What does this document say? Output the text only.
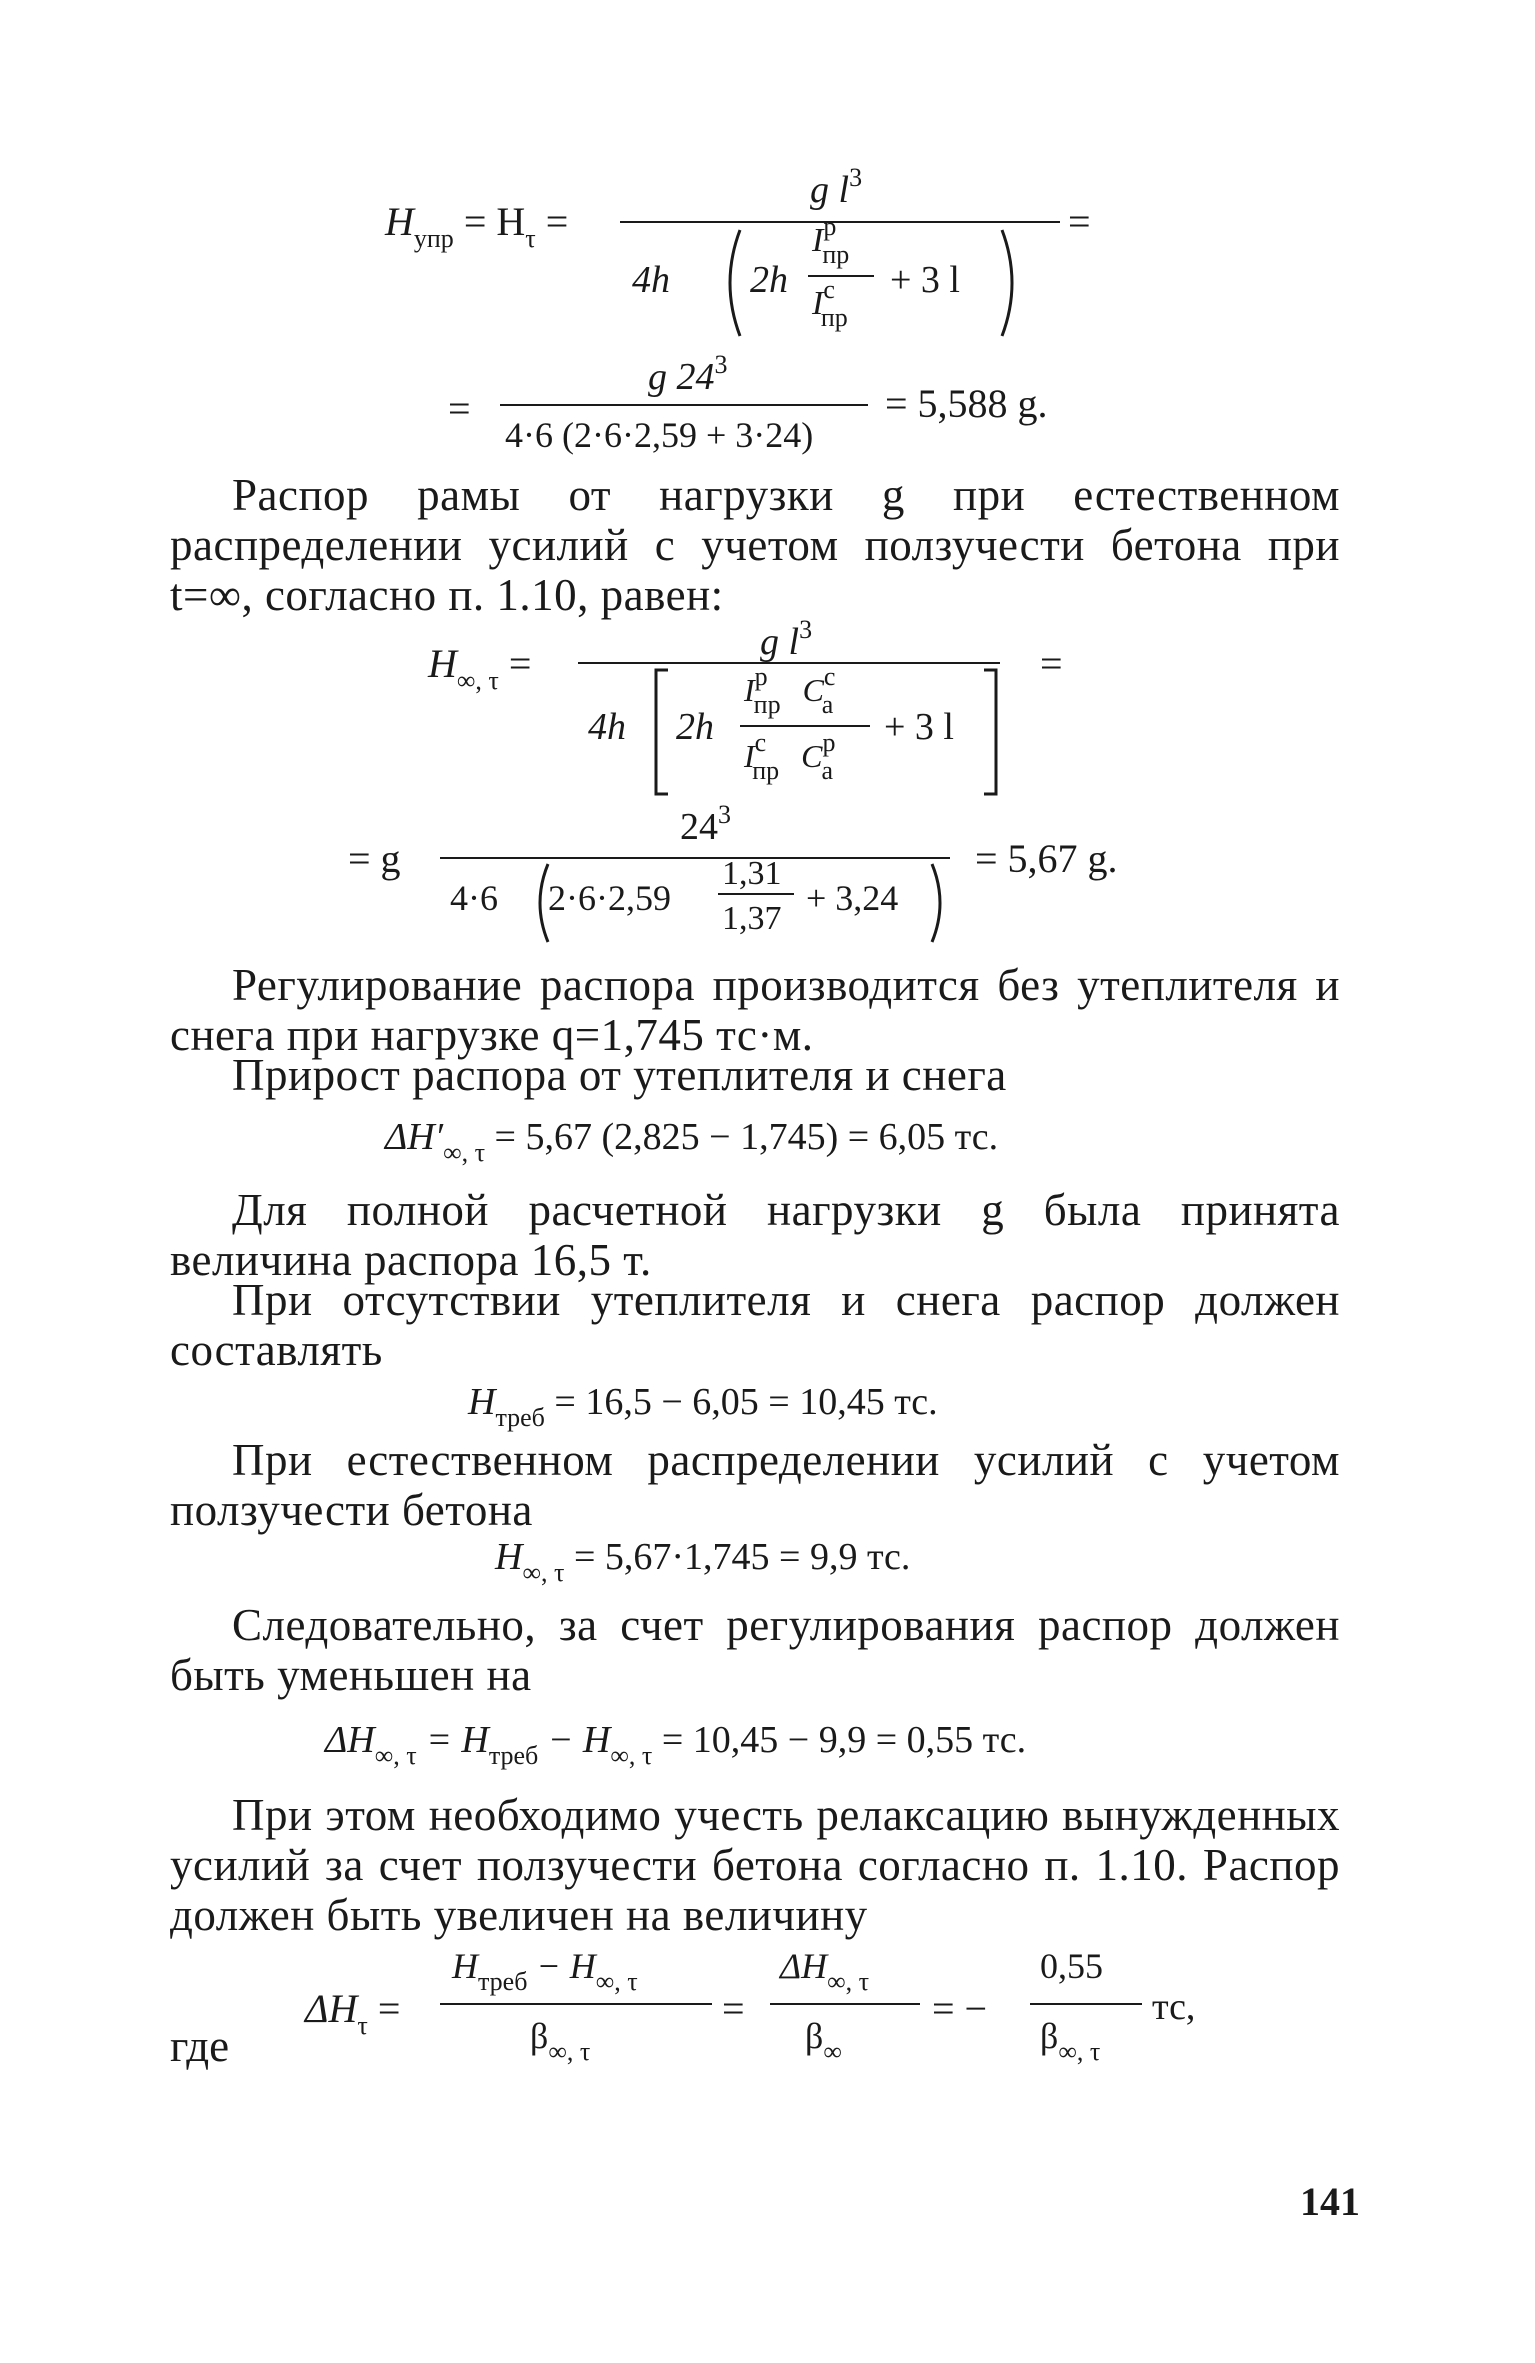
$H_{упр} = H_\tau$ =
g $l^3$
4h 2h
$I^р_{пр}$
$I^с_{пр}$
+ 3 l
=
=
g $24^3$
4·6 (2·6·2,59 + 3·24)
= 5,588 g.
Распор рамы от нагрузки g при естественном распределении усилий с учетом ползучести бетона при t=∞, согласно п. 1.10, равен:
$H_{\infty, \tau}$ =	g $l^3$
4h 2h
$I^р_{пр}$ $C^с_а$
$I^с_{пр}$ $C^р_а$
+ 3 l
=
= g
$24^3$
4·6 2·6·2,59
1,31
1,37
+ 3,24
= 5,67 g.
Регулирование распора производится без утеплителя и снега при нагрузке q=1,745 тс·м.
Прирост распора от утеплителя и снега
$\Delta H'_{\infty, \tau} = 5,67$ (2,825 − 1,745) = 6,05 тс.
Для полной расчетной нагрузки g была принята величина распора 16,5 т.
При отсутствии утеплителя и снега распор должен составлять
$H_{треб} = 16,5 - 6,05 = 10,45$ тс.
При естественном распределении усилий с учетом ползучести бетона
$H_{\infty, \tau} = 5,67\cdot 1,745 = 9,9$ тс.
Следовательно, за счет регулирования распор должен быть уменьшен на
$\Delta H_{\infty, \tau} = H_{треб} - H_{\infty, \tau} = 10,45 - 9,9 = 0,55$ тс.
При этом необходимо учесть релаксацию вынужденных усилий за счет ползучести бетона согласно п. 1.10. Распор должен быть увеличен на величину
$\Delta H_\tau$ =
$H_{треб} - H_{\infty, \tau}$
$\beta_{\infty, \tau}$
=
$\Delta H_{\infty, \tau}$
$\beta_\infty$
= −
0,55
$\beta_{\infty, \tau}$
тс,
где
141
